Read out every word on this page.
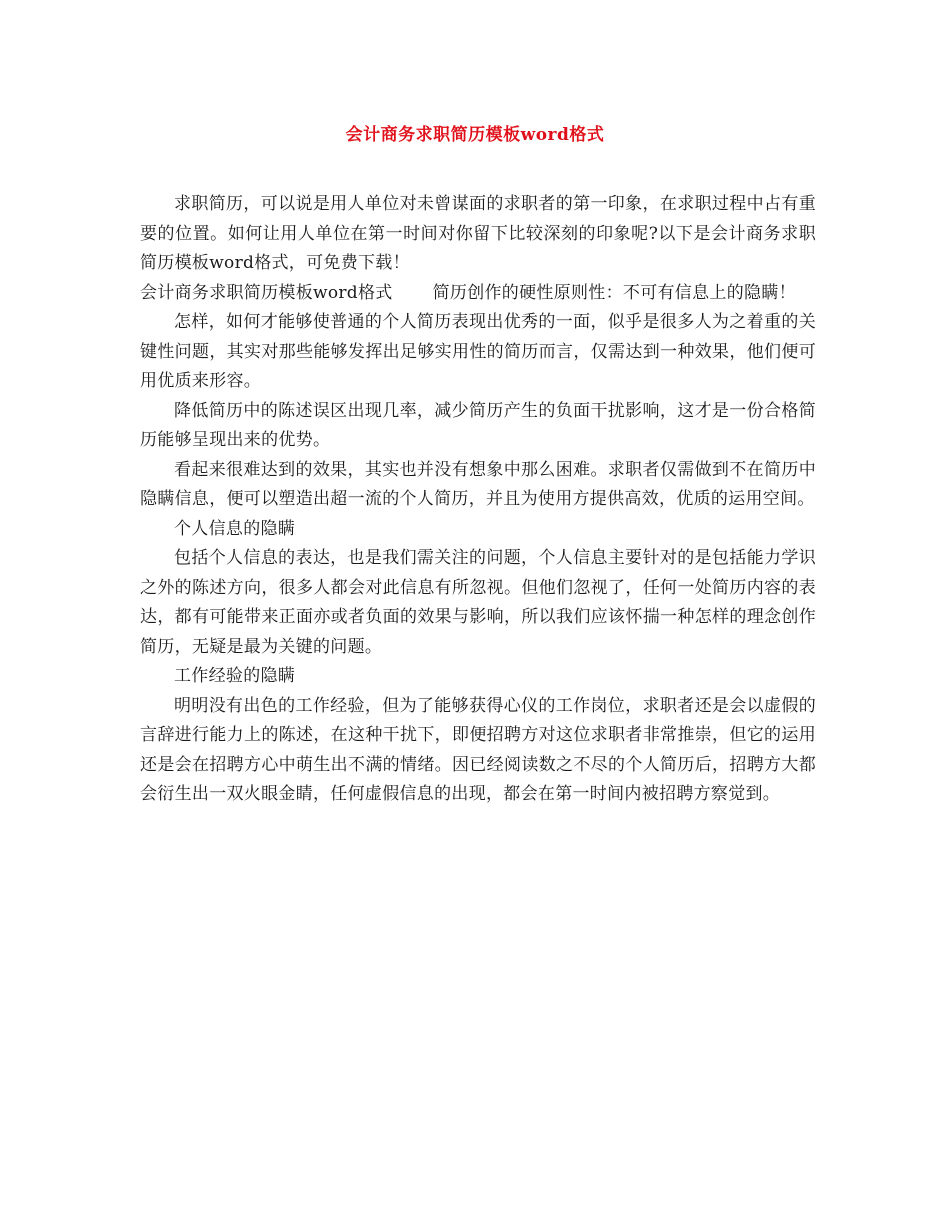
会计商务求职简历模板word格式

求职简历，可以说是用人单位对未曾谋面的求职者的第一印象，在求职过程中占有重要的位置。如何让用人单位在第一时间对你留下比较深刻的印象呢?以下是会计商务求职简历模板word格式，可免费下载！

会计商务求职简历模板word格式 简历创作的硬性原则性：不可有信息上的隐瞒！

怎样，如何才能够使普通的个人简历表现出优秀的一面，似乎是很多人为之着重的关键性问题，其实对那些能够发挥出足够实用性的简历而言，仅需达到一种效果，他们便可用优质来形容。

降低简历中的陈述误区出现几率，减少简历产生的负面干扰影响，这才是一份合格简历能够呈现出来的优势。

看起来很难达到的效果，其实也并没有想象中那么困难。求职者仅需做到不在简历中隐瞒信息，便可以塑造出超一流的个人简历，并且为使用方提供高效，优质的运用空间。

个人信息的隐瞒

包括个人信息的表达，也是我们需关注的问题，个人信息主要针对的是包括能力学识之外的陈述方向，很多人都会对此信息有所忽视。但他们忽视了，任何一处简历内容的表达，都有可能带来正面亦或者负面的效果与影响，所以我们应该怀揣一种怎样的理念创作简历，无疑是最为关键的问题。

工作经验的隐瞒

明明没有出色的工作经验，但为了能够获得心仪的工作岗位，求职者还是会以虚假的言辞进行能力上的陈述，在这种干扰下，即便招聘方对这位求职者非常推崇，但它的运用还是会在招聘方心中萌生出不满的情绪。因已经阅读数之不尽的个人简历后，招聘方大都会衍生出一双火眼金睛，任何虚假信息的出现，都会在第一时间内被招聘方察觉到。
